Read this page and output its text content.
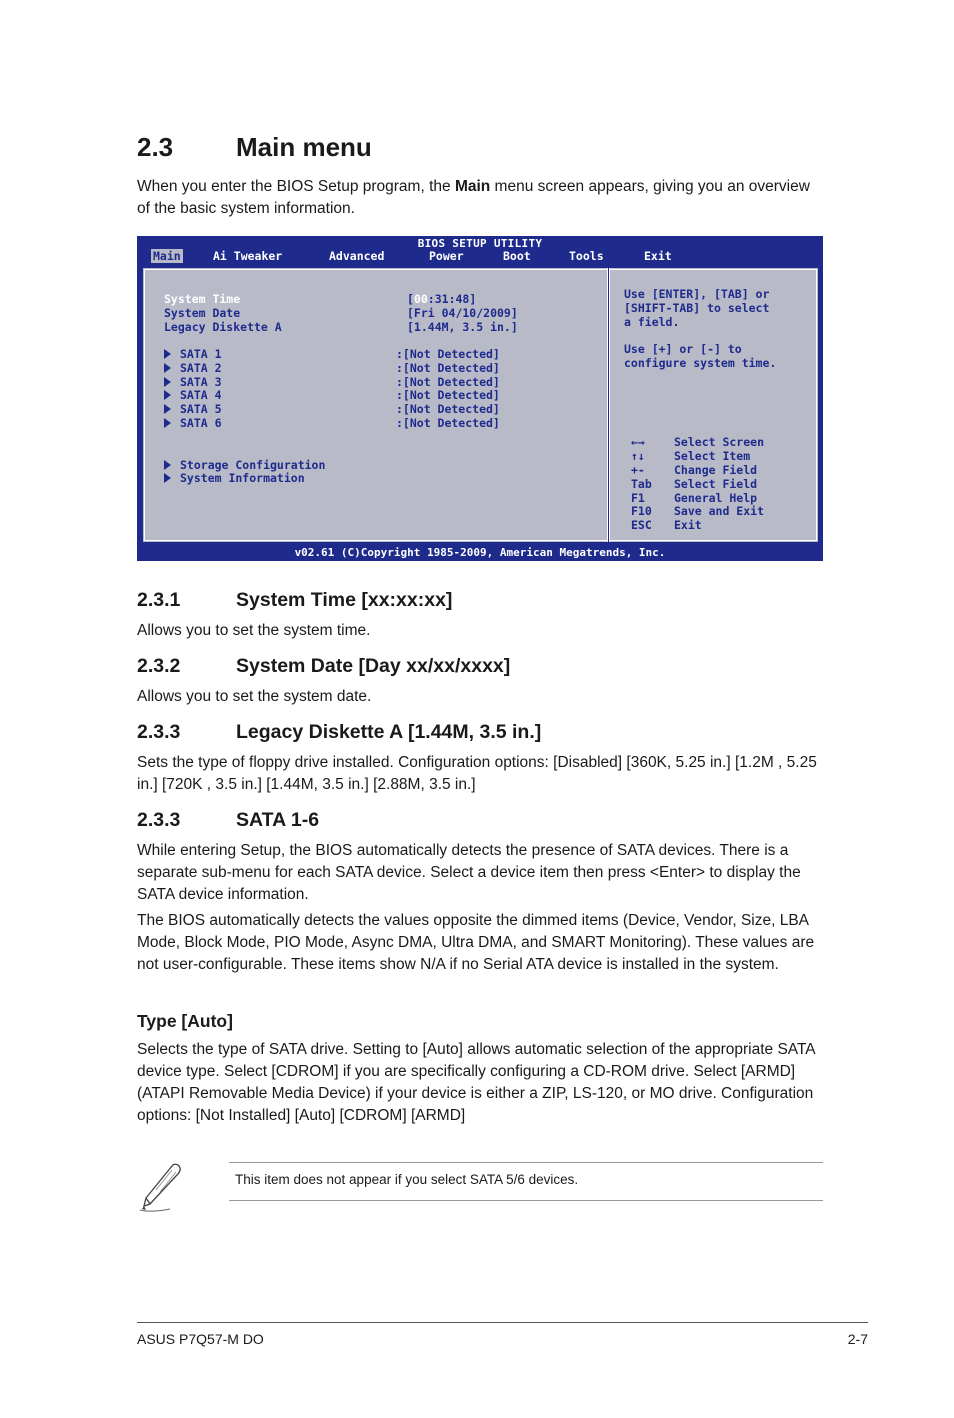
2.3 Main menu
When you enter the BIOS Setup program, the Main menu screen appears, giving you an overview of the basic system information.
BIOS SETUP UTILITY
Main	Ai Tweaker	Advanced	Power	Boot	Tools	Exit
System Time	[00:31:48]
System Date	[Fri 04/10/2009]
Legacy Diskette A	[1.44M, 3.5 in.]
SATA 1	:[Not Detected]
SATA 2	:[Not Detected]
SATA 3	:[Not Detected]
SATA 4	:[Not Detected]
SATA 5	:[Not Detected]
SATA 6	:[Not Detected]
Storage Configuration
System Information
Use [ENTER], [TAB] or
[SHIFT-TAB] to select
a field.
Use [+] or [-] to
configure system time.
←→	Select Screen
↑↓	Select Item
+-	Change Field
Tab Select Field
F1	General Help
F10 Save and Exit
ESC Exit
v02.61 (C)Copyright 1985-2009, American Megatrends, Inc.
2.3.1	System Time [xx:xx:xx]
Allows you to set the system time.
2.3.2	System Date [Day xx/xx/xxxx]
Allows you to set the system date.
2.3.3	Legacy Diskette A [1.44M, 3.5 in.]
Sets the type of floppy drive installed. Configuration options: [Disabled] [360K, 5.25 in.] [1.2M , 5.25 in.] [720K , 3.5 in.] [1.44M, 3.5 in.] [2.88M, 3.5 in.]
2.3.3	SATA 1-6
While entering Setup, the BIOS automatically detects the presence of SATA devices. There is a separate sub-menu for each SATA device. Select a device item then press <Enter> to display the SATA device information.
The BIOS automatically detects the values opposite the dimmed items (Device, Vendor, Size, LBA Mode, Block Mode, PIO Mode, Async DMA, Ultra DMA, and SMART Monitoring). These values are not user-configurable. These items show N/A if no Serial ATA device is installed in the system.
Type [Auto]
Selects the type of SATA drive. Setting to [Auto] allows automatic selection of the appropriate SATA device type. Select [CDROM] if you are specifically configuring a CD-ROM drive. Select [ARMD] (ATAPI Removable Media Device) if your device is either a ZIP, LS-120, or MO drive. Configuration options: [Not Installed] [Auto] [CDROM] [ARMD]
This item does not appear if you select SATA 5/6 devices.
ASUS P7Q57-M DO	2-7
